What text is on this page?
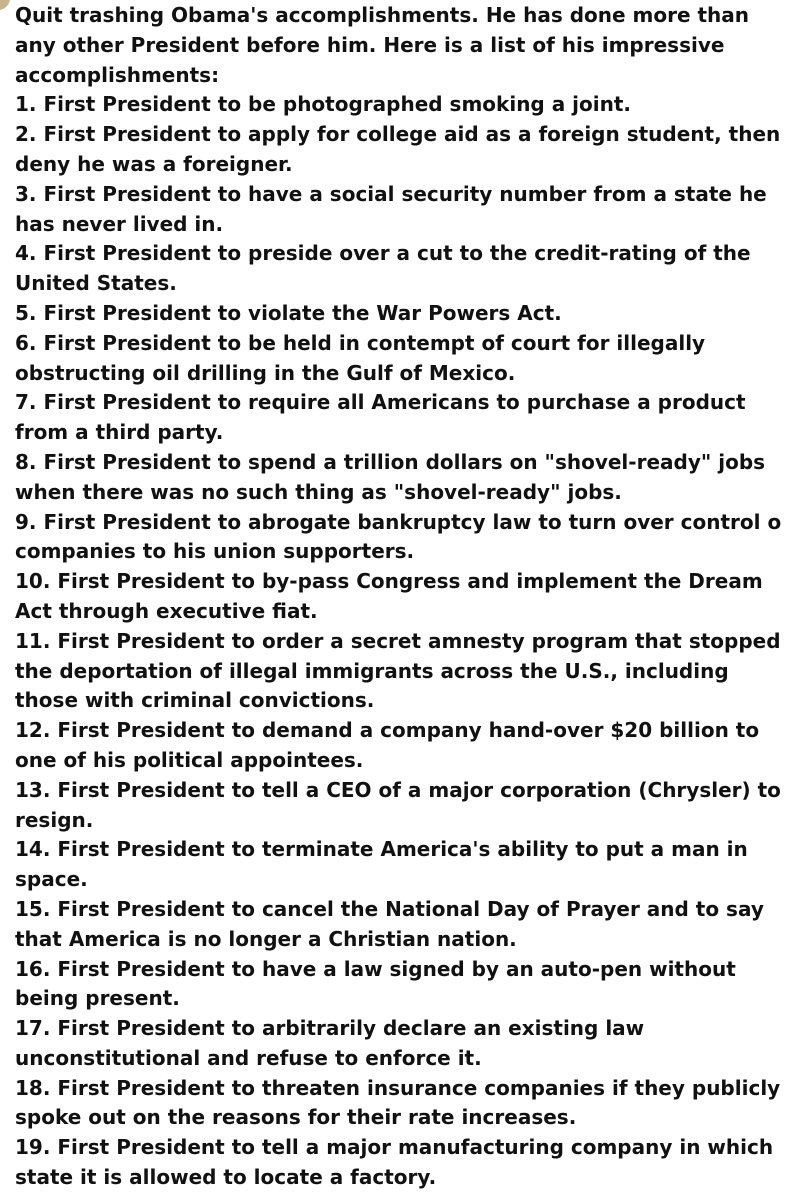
Quit trashing Obama's accomplishments. He has done more than
any other President before him. Here is a list of his impressive
accomplishments:
1. First President to be photographed smoking a joint.
2. First President to apply for college aid as a foreign student, then
deny he was a foreigner.
3. First President to have a social security number from a state he
has never lived in.
4. First President to preside over a cut to the credit-rating of the
United States.
5. First President to violate the War Powers Act.
6. First President to be held in contempt of court for illegally
obstructing oil drilling in the Gulf of Mexico.
7. First President to require all Americans to purchase a product
from a third party.
8. First President to spend a trillion dollars on "shovel-ready" jobs
when there was no such thing as "shovel-ready" jobs.
9. First President to abrogate bankruptcy law to turn over control o
companies to his union supporters.
10. First President to by-pass Congress and implement the Dream
Act through executive fiat.
11. First President to order a secret amnesty program that stopped
the deportation of illegal immigrants across the U.S., including
those with criminal convictions.
12. First President to demand a company hand-over $20 billion to
one of his political appointees.
13. First President to tell a CEO of a major corporation (Chrysler) to
resign.
14. First President to terminate America's ability to put a man in
space.
15. First President to cancel the National Day of Prayer and to say
that America is no longer a Christian nation.
16. First President to have a law signed by an auto-pen without
being present.
17. First President to arbitrarily declare an existing law
unconstitutional and refuse to enforce it.
18. First President to threaten insurance companies if they publicly
spoke out on the reasons for their rate increases.
19. First President to tell a major manufacturing company in which
state it is allowed to locate a factory.
